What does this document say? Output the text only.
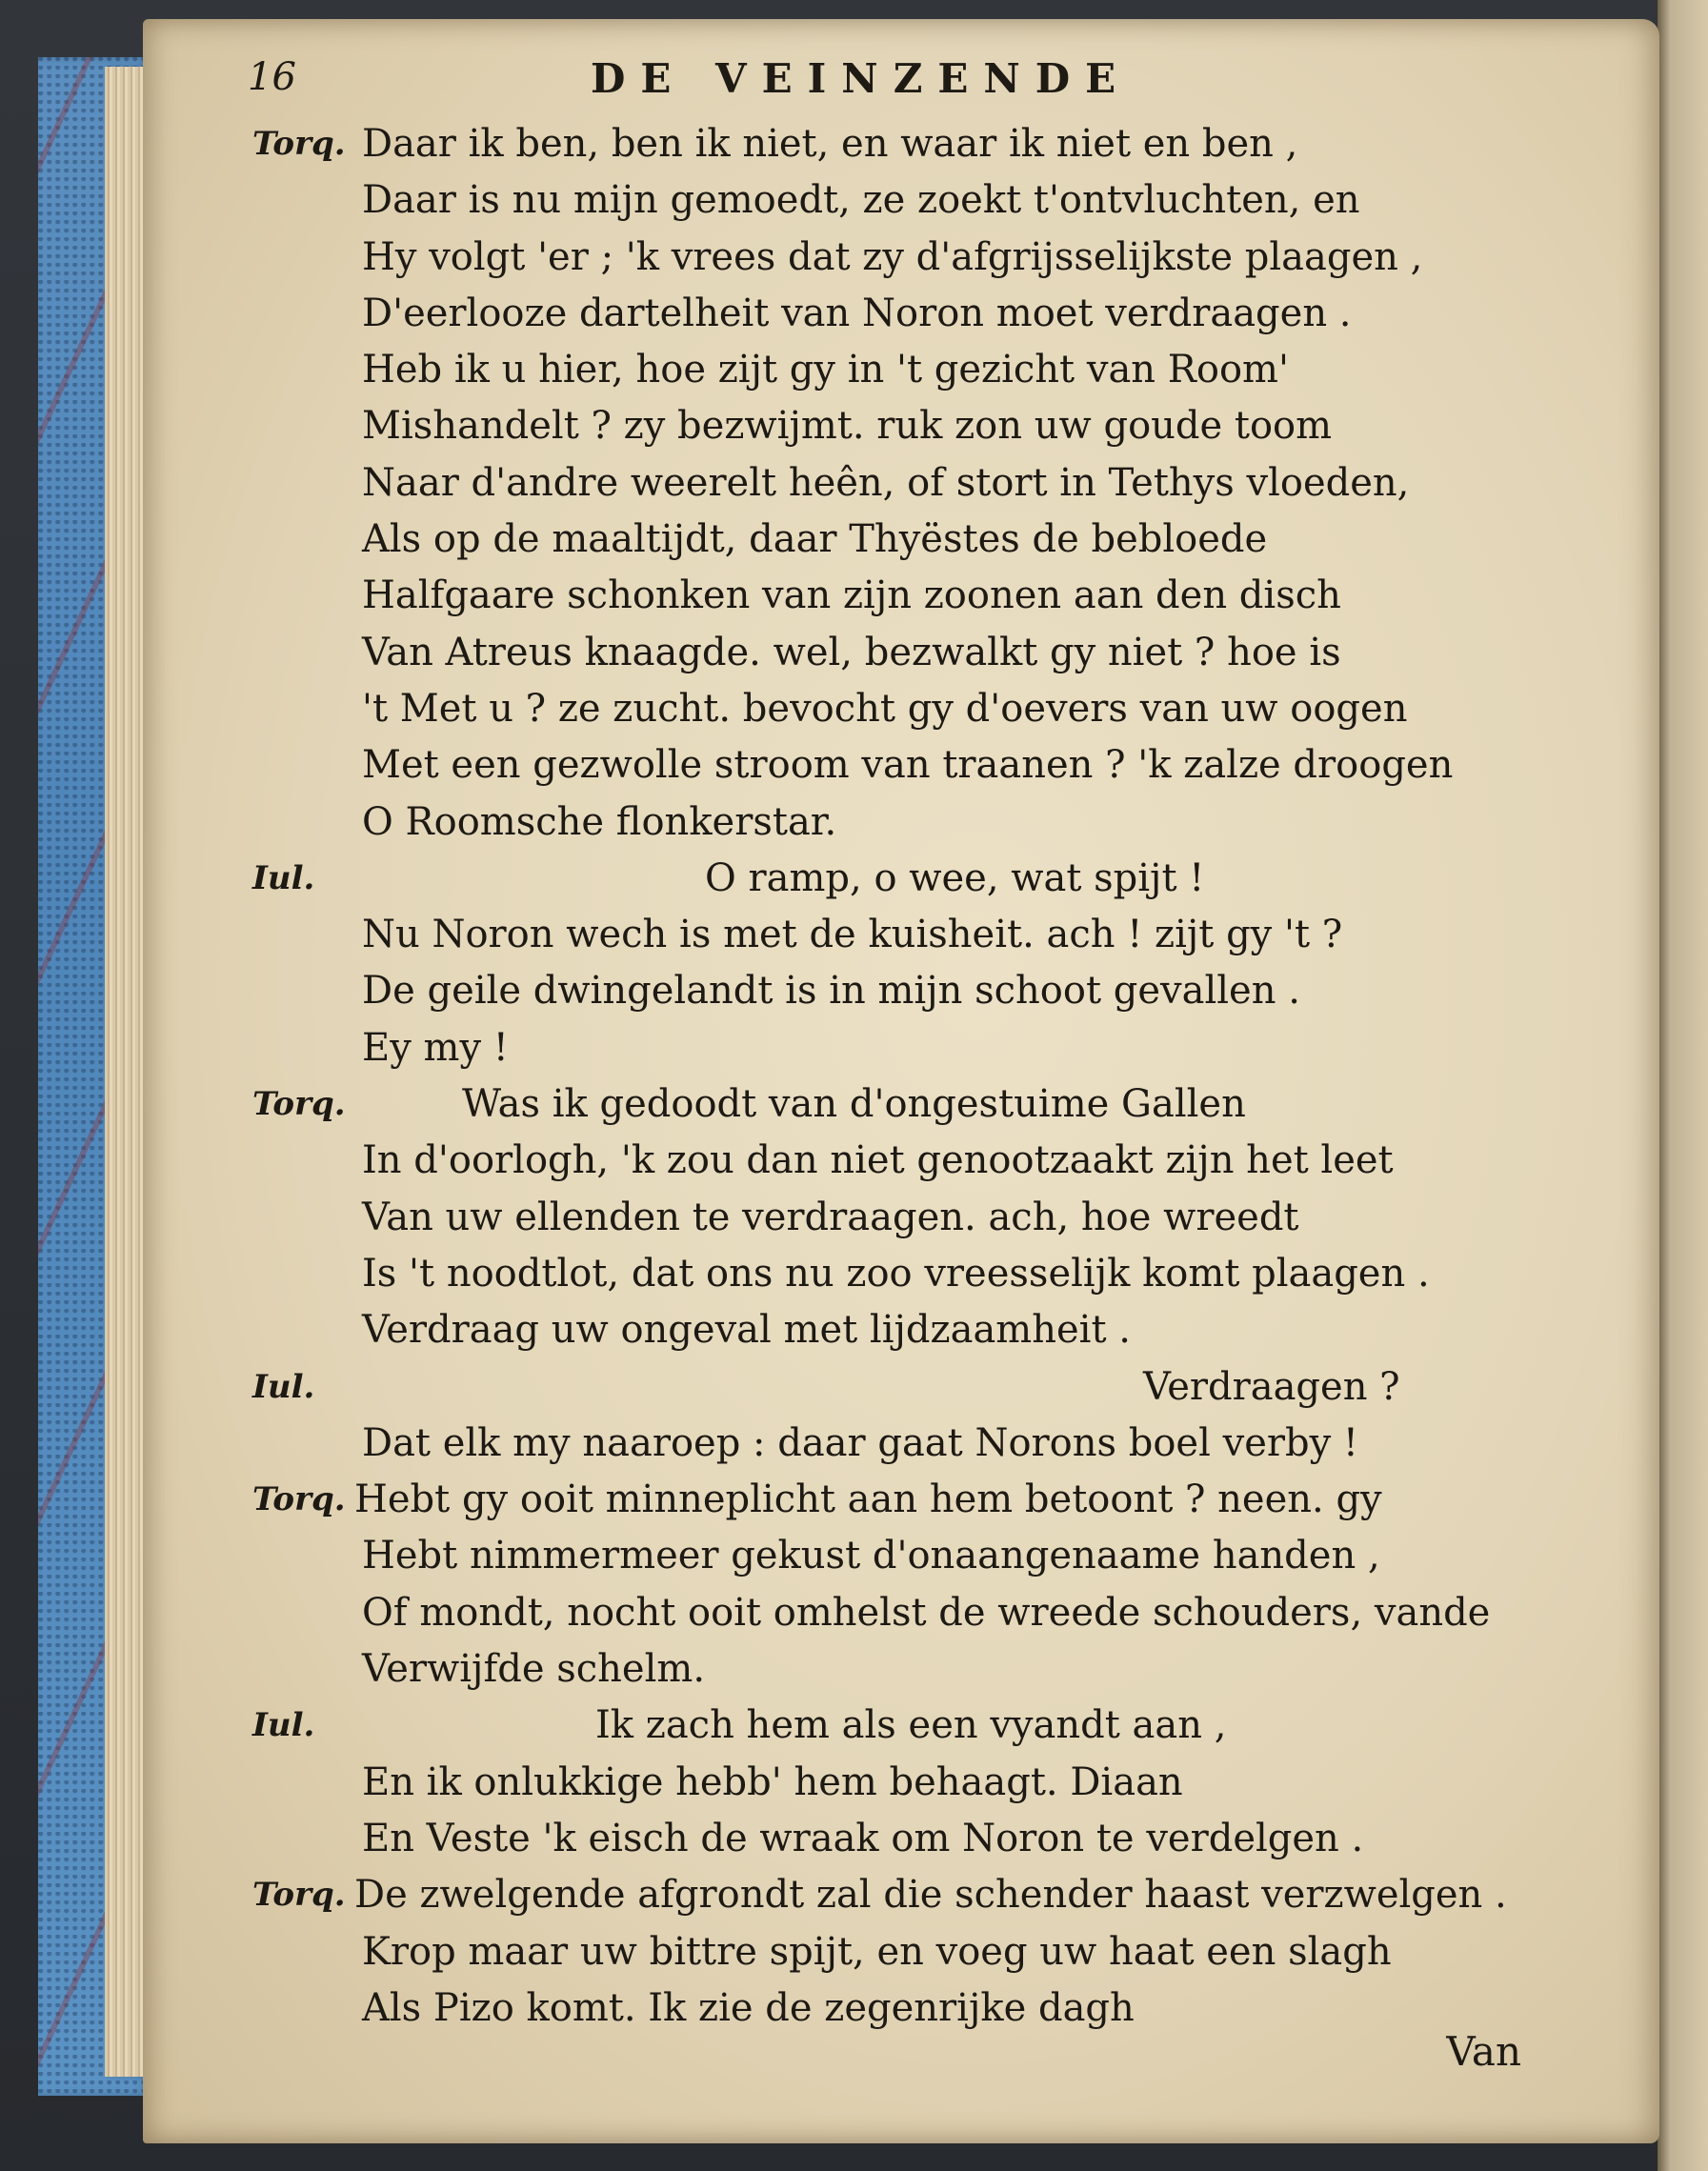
16	DE VEINZENDE
Torq. Daar ik ben, ben ik niet, en waar ik niet en ben ,
Daar is nu mijn gemoedt, ze zoekt t'ontvluchten, en
Hy volgt 'er ; 'k vrees dat zy d'afgrijsselijkste plaagen ,
D'eerlooze dartelheit van Noron moet verdraagen .
Heb ik u hier, hoe zijt gy in 't gezicht van Room'
Mishandelt ? zy bezwijmt. ruk zon uw goude toom
Naar d'andre weerelt heên, of stort in Tethys vloeden,
Als op de maaltijdt, daar Thyëstes de bebloede
Halfgaare schonken van zijn zoonen aan den disch
Van Atreus knaagde. wel, bezwalkt gy niet ? hoe is
't Met u ? ze zucht. bevocht gy d'oevers van uw oogen
Met een gezwolle stroom van traanen ? 'k zalze droogen
O Roomsche flonkerstar.
Iul.	O ramp, o wee, wat spijt !
Nu Noron wech is met de kuisheit. ach ! zijt gy 't ?
De geile dwingelandt is in mijn schoot gevallen .
Ey my !
Torq.	Was ik gedoodt van d'ongestuime Gallen
In d'oorlogh, 'k zou dan niet genootzaakt zijn het leet
Van uw ellenden te verdraagen. ach, hoe wreedt
Is 't noodtlot, dat ons nu zoo vreesselijk komt plaagen .
Verdraag uw ongeval met lijdzaamheit .
Iul.	Verdraagen ?
Dat elk my naaroep : daar gaat Norons boel verby !
Torq. Hebt gy ooit minneplicht aan hem betoont ? neen. gy
Hebt nimmermeer gekust d'onaangenaame handen ,
Of mondt, nocht ooit omhelst de wreede schouders, vande
Verwijfde schelm.
Iul.	Ik zach hem als een vyandt aan ,
En ik onlukkige hebb' hem behaagt. Diaan
En Veste 'k eisch de wraak om Noron te verdelgen .
Torq. De zwelgende afgrondt zal die schender haast verzwelgen .
Krop maar uw bittre spijt, en voeg uw haat een slagh
Als Pizo komt. Ik zie de zegenrijke dagh
Van
